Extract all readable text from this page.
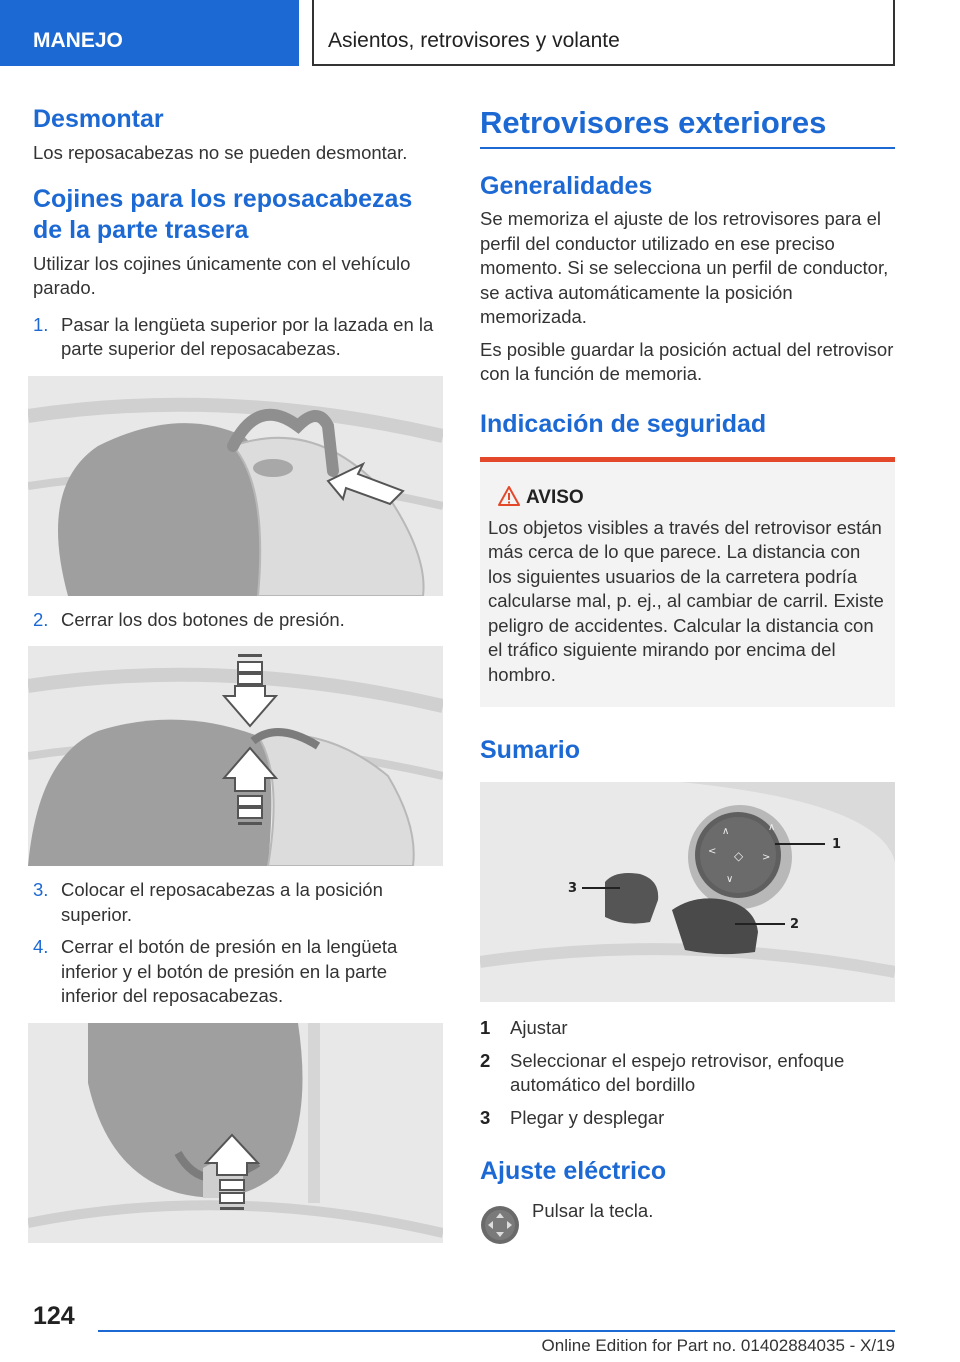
MANEJO	Asientos, retrovisores y volante
Desmontar
Los reposacabezas no se pueden desmontar.
Cojines para los reposacabezas de la parte trasera
Utilizar los cojines únicamente con el vehículo parado.
1. Pasar la lengüeta superior por la lazada en la parte superior del reposacabezas.
2. Cerrar los dos botones de presión.
3. Colocar el reposacabezas a la posición superior.
4. Cerrar el botón de presión en la lengüeta inferior y el botón de presión en la parte inferior del reposacabezas.
Retrovisores exteriores
Generalidades
Se memoriza el ajuste de los retrovisores para el perfil del conductor utilizado en ese preciso momento. Si se selecciona un perfil de conductor, se activa automáticamente la posición memorizada.
Es posible guardar la posición actual del retrovisor con la función de memoria.
Indicación de seguridad
AVISO
Los objetos visibles a través del retrovisor están más cerca de lo que parece. La distancia con los siguientes usuarios de la carretera podría calcularse mal, p. ej., al cambiar de carril. Existe peligro de accidentes. Calcular la distancia con el tráfico siguiente mirando por encima del hombro.
Sumario
◇
∧	∧
<
>
∨
1
2
3
1 Ajustar
2 Seleccionar el espejo retrovisor, enfoque automático del bordillo
3 Plegar y desplegar
Ajuste eléctrico
Pulsar la tecla.
124
Online Edition for Part no. 01402884035 - X/19
